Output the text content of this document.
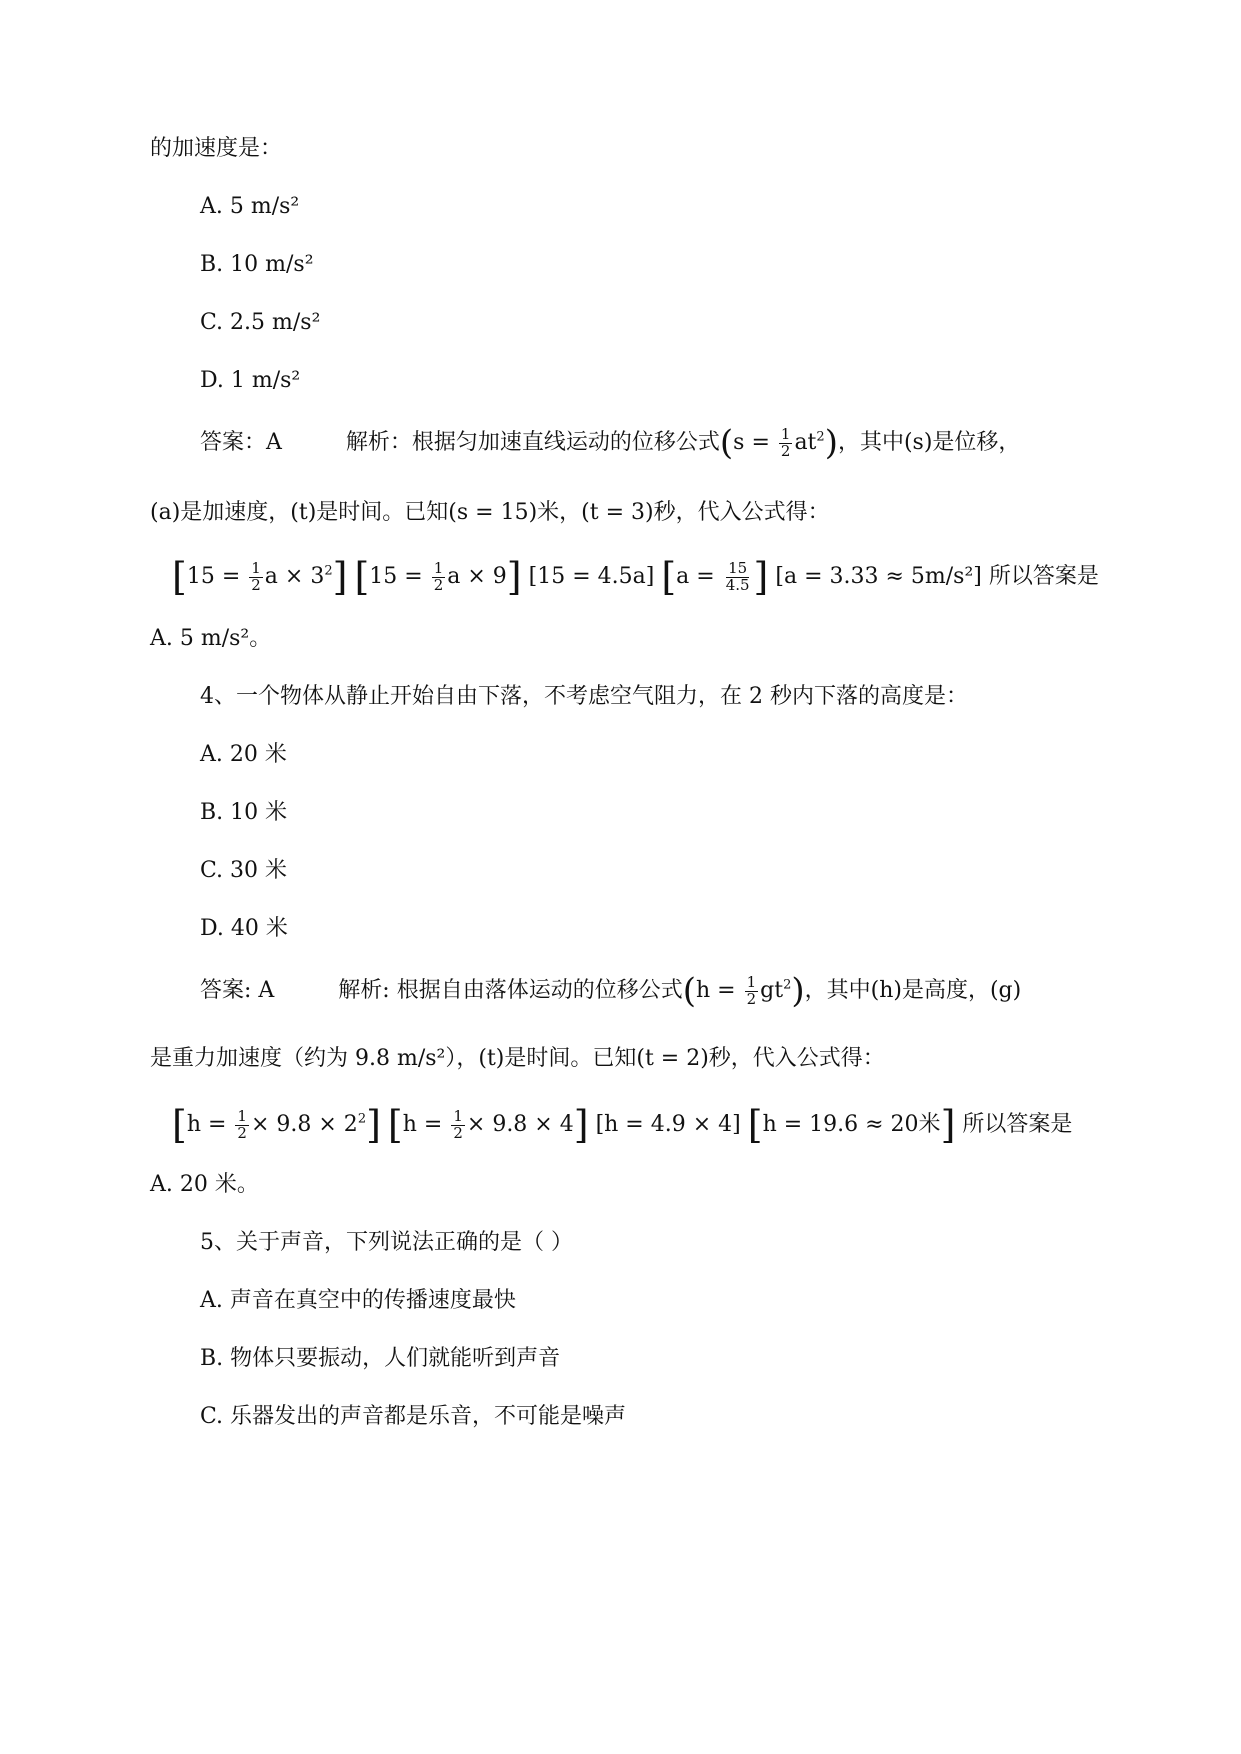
的加速度是：
A. 5 m/s²
B. 10 m/s²
C. 2.5 m/s²
D. 1 m/s²
答案：A	解析：根据匀加速直线运动的位移公式$(s = \frac{1}{2} at^2)$，其中(s)是位移，
(a)是加速度，(t)是时间。已知(s = 15)米，(t = 3)秒，代入公式得：
[$15 = \frac{1}{2}$ $a \times 3^2$] [$15 = \frac{1}{2}$ a × 9] [15 = 4.5a] [$a = \frac{15}{4.5}$ ] [a = 3.33 ≈ 5m/s²] 所以答案是
A. 5 m/s²。
4、一个物体从静止开始自由下落，不考虑空气阻力，在 2 秒内下落的高度是：
A. 20 米
B. 10 米
C. 30 米
D. 40 米
答案: A	解析: 根据自由落体运动的位移公式$(h = \frac{1}{2} gt^2)$，其中(h)是高度，(g)
是重力加速度（约为 9.8 m/s²），(t)是时间。已知(t = 2)秒，代入公式得：
$[h = \frac{1}{2} \times 9.8 \times 2^2]$ $[h = \frac{1}{2} \times 9.8 \times 4]$ [h = 4.9 × 4] [h = 19.6 ≈ 20米] 所以答案是
A. 20 米。
5、关于声音，下列说法正确的是（ ）
A. 声音在真空中的传播速度最快
B. 物体只要振动，人们就能听到声音
C. 乐器发出的声音都是乐音，不可能是噪声
